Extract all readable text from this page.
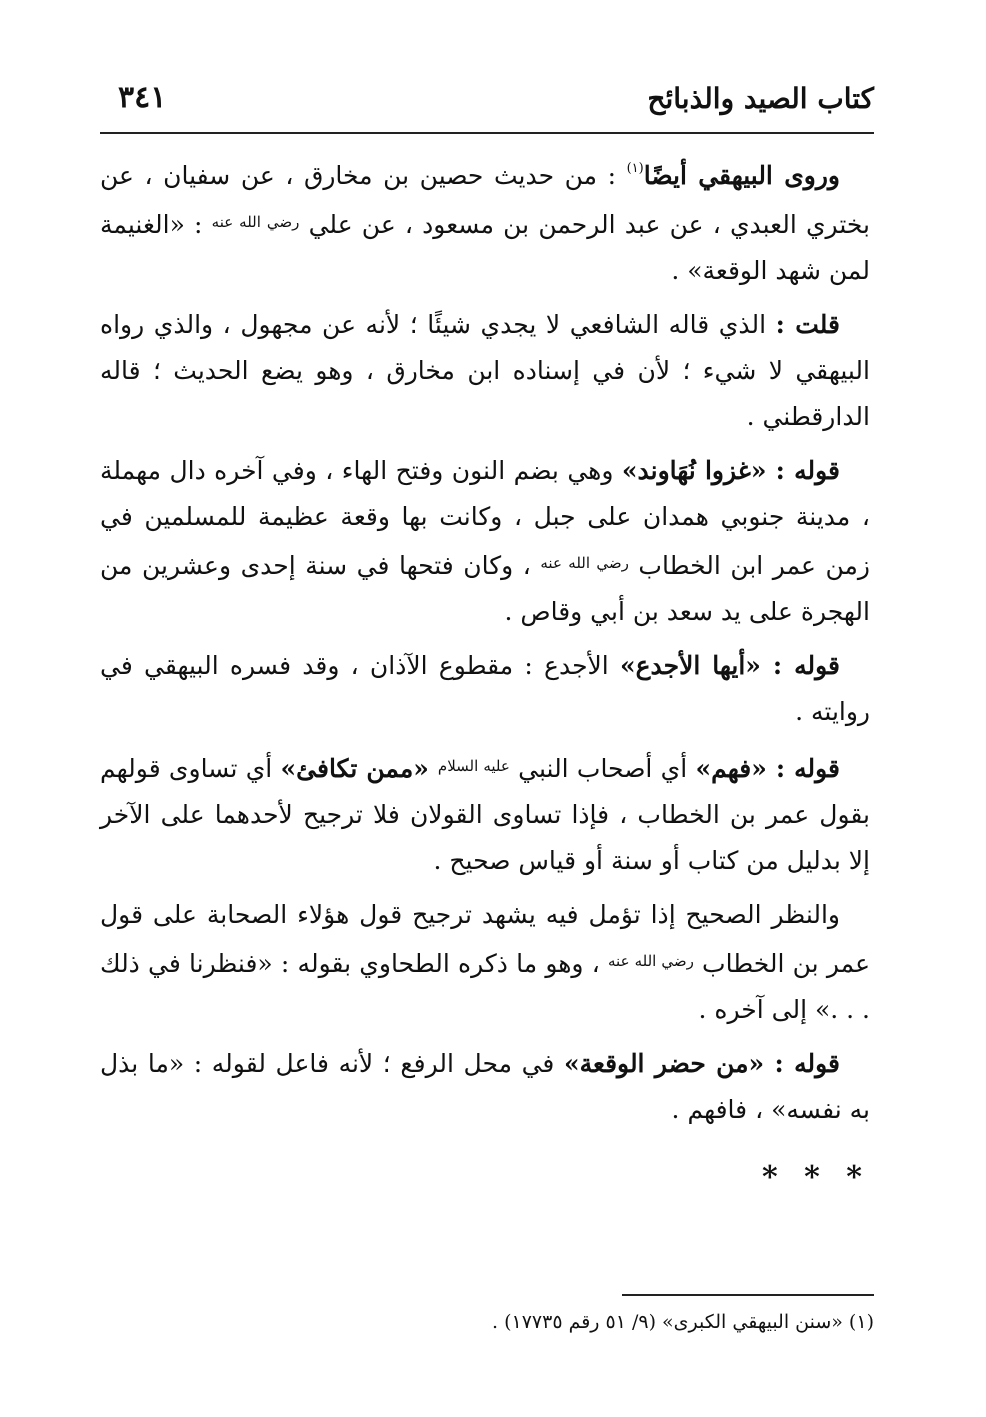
كتاب الصيد والذبائح
٣٤١

وروى البيهقي أيضًا$^{(١)}$ : من حديث حصين بن مخارق ، عن سفيان ، عن بختري العبدي ، عن عبد الرحمن بن مسعود ، عن علي $^{رضي الله عنه}$ : «الغنيمة لمن شهد الوقعة» .

قلت : الذي قاله الشافعي لا يجدي شيئًا ؛ لأنه عن مجهول ، والذي رواه البيهقي لا شيء ؛ لأن في إسناده ابن مخارق ، وهو يضع الحديث ؛ قاله الدارقطني .

قوله : «غزوا نُهَاوند» وهي بضم النون وفتح الهاء ، وفي آخره دال مهملة ، مدينة جنوبي همدان على جبل ، وكانت بها وقعة عظيمة للمسلمين في زمن عمر ابن الخطاب $^{رضي الله عنه}$ ، وكان فتحها في سنة إحدى وعشرين من الهجرة على يد سعد بن أبي وقاص .

قوله : «أيها الأجدع» الأجدع : مقطوع الآذان ، وقد فسره البيهقي في روايته .

قوله : «فهم» أي أصحاب النبي $^{عليه السلام}$ «ممن تكافئ» أي تساوى قولهم بقول عمر بن الخطاب ، فإذا تساوى القولان فلا ترجيح لأحدهما على الآخر إلا بدليل من كتاب أو سنة أو قياس صحيح .

والنظر الصحيح إذا تؤمل فيه يشهد ترجيح قول هؤلاء الصحابة على قول عمر بن الخطاب $^{رضي الله عنه}$ ، وهو ما ذكره الطحاوي بقوله : «فنظرنا في ذلك . . .» إلى آخره .

قوله : «من حضر الوقعة» في محل الرفع ؛ لأنه فاعل لقوله : «ما بذل به نفسه» ، فافهم .

* * *
(١) «سنن البيهقي الكبرى» (٩/ ٥١ رقم ١٧٧٣٥) .
